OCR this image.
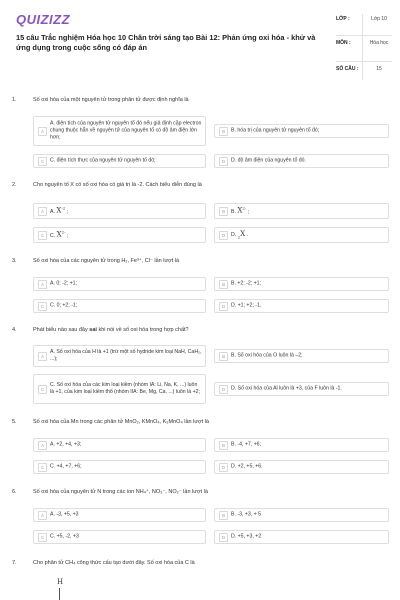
QUIZIZZ
15 câu Trắc nghiệm Hóa học 10 Chân trời sáng tạo Bài 12: Phản ứng oxi hóa - khử và ứng dụng trong cuộc sống có đáp án
LỚP :	Lớp 10
MÔN :	Hóa học
SỐ CÂU :	15
1.	Số oxi hóa của một nguyên tử trong phân tử được định nghĩa là
A
A. điện tích của nguyên tử nguyên tố đó nếu giả định cặp electron chung thuộc hẳn về nguyên tử của nguyên tố có độ âm điện lớn hơn;
B	B. hóa trị của nguyên tử nguyên tố đó;
C	C. điện tích thực của nguyên tử nguyên tố đó;	D	D. độ âm điện của nguyên tố đó.
2.	Cho nguyên tố X có số oxi hóa có giá trị là -2. Cách biểu diễn đúng là
A	A. $X^{-2}$ ;	B	B. $X^{2-}$ ;
C	C. $X^{2-}$ ;	D	D. $_2$X .
3.	Số oxi hóa của các nguyên tử trong H₂, Fe³⁺, Cl⁻ lần lượt là
A	A. 0; -2; +1;	B	B. +2; -2; +1;
C	C. 0; +2; -1;	D	D. +1; +2; -1.
4.	Phát biểu nào sau đây sai khi nói về số oxi hóa trong hợp chất?
A
A. Số oxi hóa của H là +1 (trừ một số hydride kim loại NaH, CaH₂, ...);	B	B. Số oxi hóa của O luôn là –2;
C
C. Số oxi hóa của các kim loại kiềm (nhóm IA: Li, Na, K, ...) luôn là +1, của kim loại kiềm thổ (nhóm IIA: Be, Mg, Ca, ...) luôn là +2;	D	D. Số oxi hóa của Al luôn là +3, của F luôn là -1.
5.	Số oxi hóa của Mn trong các phân tử MnO₂, KMnO₄, K₂MnO₄ lần lượt là
A	A. +2, +4, +3;	B	B. -4, +7, +6;
C	C. +4, +7, +6;	D	D. +2, +5, +6.
6.	Số oxi hóa của nguyên tử N trong các ion NH₄⁺, NO₃⁻, NO₂⁻ lần lượt là
A	A. -3, +5, +3	B	B. -3, +3, + 5
C	C. +5, -2, +3	D	D. +5, +3, +2
7.	Cho phân tử CH₄ công thức cấu tạo dưới đây. Số oxi hóa của C là
H
